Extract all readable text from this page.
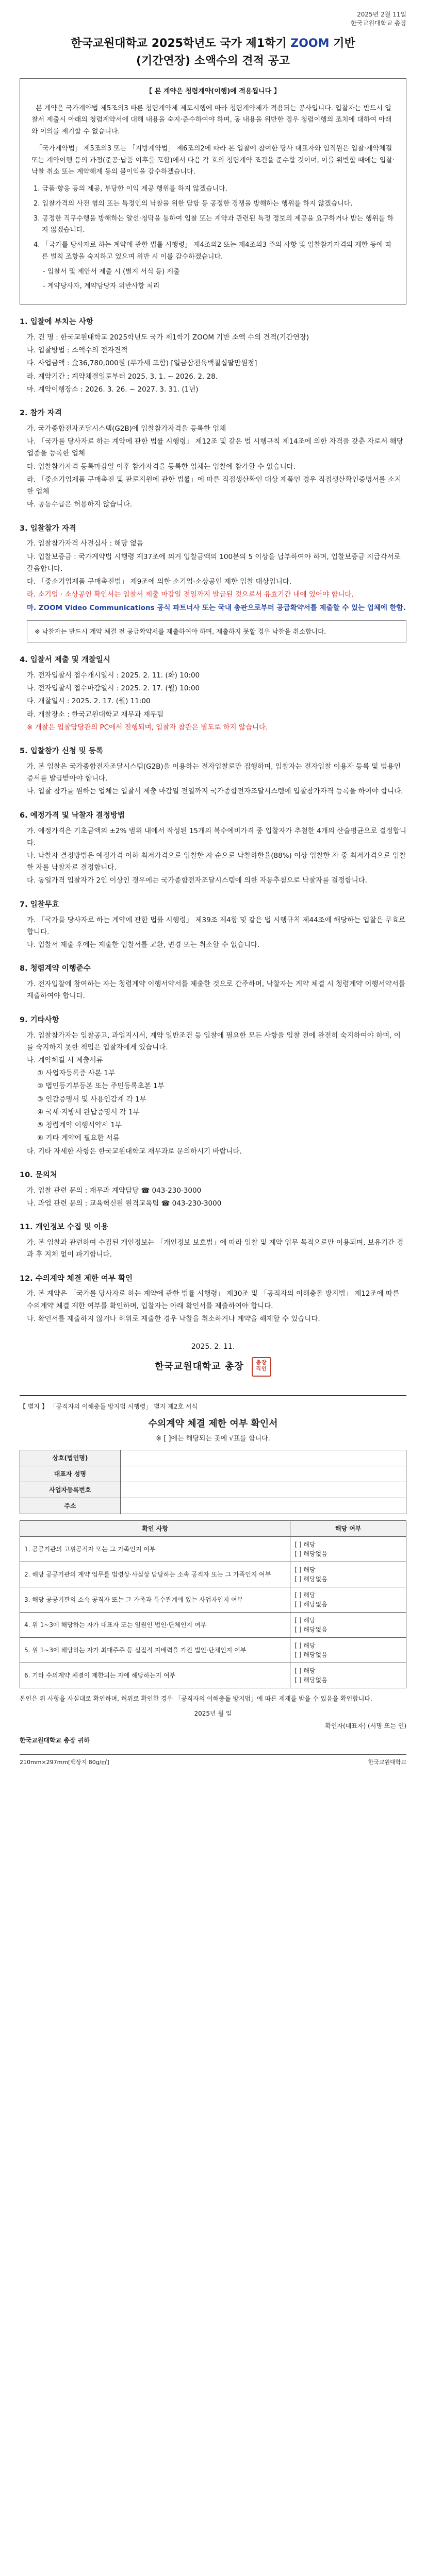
2025년 2월 11일
한국교원대학교 총장
한국교원대학교 2025학년도 국가 제1학기 ZOOM 기반
(기간연장) 소액수의 견적 공고
【 본 계약은 청렴계약(이행)에 적용됩니다 】

본 계약은 국가계약법 제5조의3 따른 청렴계약제 제도시행에 따라 청렴계약제가 적용되는 공사입니다. 입찰자는 반드시 입찰서 제출시 아래의 청렴계약서에 대해 내용을 숙지·준수하여야 하며, 동 내용을 위반한 경우 청렴이행의 조치에 대하여 아래와 이의를 제기할 수 없습니다.

「국가계약법」 제5조의3 또는 「지방계약법」 제6조의2에 따라 본 입찰에 참여한 당사 대표자와 임직원은 입찰·계약체결 또는 계약이행 등의 과정(준공·납품 이후를 포함)에서 다음 각 호의 청렴계약 조건을 준수할 것이며, 이를 위반할 때에는 입찰·낙찰 취소 또는 계약해제 등의 불이익을 감수하겠습니다.

1. 금품·향응 등의 제공, 부당한 이익 제공 행위를 하지 않겠습니다.
2. 입찰가격의 사전 협의 또는 특정인의 낙찰을 위한 담합 등 공정한 경쟁을 방해하는 행위를 하지 않겠습니다.
3. 공정한 직무수행을 방해하는 알선·청탁을 통하여 입찰 또는 계약과 관련된 특정 정보의 제공을 요구하거나 받는 행위를 하지 않겠습니다.
4. 「국가를 당사자로 하는 계약에 관한 법률 시행령」 제4조의2 또는 제4조의3 주의 사항 및 입찰참가자격의 제한 등에 따른 벌칙 조항을 숙지하고 있으며 위반 시 이를 감수하겠습니다.
- 입찰서 및 제안서 제출 시 (별지 서식 등) 제출
- 계약당사자, 계약담당자 위반사항 처리
1. 입찰에 부치는 사항
가. 건 명 : 한국교원대학교 2025학년도 국가 제1학기 ZOOM 기반 소액 수의 견적(기간연장)
나. 입찰방법 : 소액수의 전자견적
다. 사업금액 : 金36,780,000원 (부가세 포함) [일금삼천육백칠십팔만원정]
라. 계약기간 : 계약체결일로부터 2025. 3. 1. ~ 2026. 2. 28.
마. 계약이행장소 : 2026. 3. 26. ~ 2027. 3. 31. (1년)
2. 참가 자격
가. 국가종합전자조달시스템(G2B)에 입찰참가자격을 등록한 업체
나. 「국가를 당사자로 하는 계약에 관한 법률 시행령」 제12조 및 같은 법 시행규칙 제14조에 의한 자격을 갖춘 자로서 해당 업종을 등록한 업체
다. 입찰참가자격 등록마감일 이후 참가자격을 등록한 업체는 입찰에 참가할 수 없습니다.
라. 「중소기업제품 구매촉진 및 판로지원에 관한 법률」에 따른 직접생산확인 대상 제품인 경우 직접생산확인증명서를 소지한 업체
마. 공동수급은 허용하지 않습니다.
3. 입찰참가 자격
가. 입찰참가자격 사전심사 : 해당 없음
나. 입찰보증금 : 국가계약법 시행령 제37조에 의거 입찰금액의 100분의 5 이상을 납부하여야 하며, 입찰보증금 지급각서로 갈음합니다.
다. 「중소기업제품 구매촉진법」 제9조에 의한 소기업·소상공인 제한 입찰 대상입니다.
라. 소기업 · 소상공인 확인서는 입찰서 제출 마감일 전일까지 발급된 것으로서 유효기간 내에 있어야 합니다.
마. ZOOM Video Communications 공식 파트너사 또는 국내 총판으로부터 공급확약서를 제출할 수 있는 업체에 한함.
※ 낙찰자는 반드시 계약 체결 전 공급확약서를 제출하여야 하며, 제출하지 못할 경우 낙찰을 취소합니다.
4. 입찰서 제출 및 개찰일시
가. 전자입찰서 접수개시일시 : 2025. 2. 11. (화) 10:00
나. 전자입찰서 접수마감일시 : 2025. 2. 17. (월) 10:00
다. 개찰일시 : 2025. 2. 17. (월) 11:00
라. 개찰장소 : 한국교원대학교 재무과 재무팀
※ 개찰은 입찰담당관의 PC에서 진행되며, 입찰자 참관은 별도로 하지 않습니다.
5. 입찰참가 신청 및 등록
가. 본 입찰은 국가종합전자조달시스템(G2B)을 이용하는 전자입찰로만 집행하며, 입찰자는 전자입찰 이용자 등록 및 범용인증서를 발급받아야 합니다.
나. 입찰 참가를 원하는 업체는 입찰서 제출 마감일 전일까지 국가종합전자조달시스템에 입찰참가자격 등록을 하여야 합니다.
6. 예정가격 및 낙찰자 결정방법
가. 예정가격은 기초금액의 ±2% 범위 내에서 작성된 15개의 복수예비가격 중 입찰자가 추첨한 4개의 산술평균으로 결정합니다.
나. 낙찰자 결정방법은 예정가격 이하 최저가격으로 입찰한 자 순으로 낙찰하한율(88%) 이상 입찰한 자 중 최저가격으로 입찰한 자를 낙찰자로 결정합니다.
다. 동일가격 입찰자가 2인 이상인 경우에는 국가종합전자조달시스템에 의한 자동추첨으로 낙찰자를 결정합니다.
7. 입찰무효
가. 「국가를 당사자로 하는 계약에 관한 법률 시행령」 제39조 제4항 및 같은 법 시행규칙 제44조에 해당하는 입찰은 무효로 합니다.
나. 입찰서 제출 후에는 제출한 입찰서를 교환, 변경 또는 취소할 수 없습니다.
8. 청렴계약 이행준수
가. 전자입찰에 참여하는 자는 청렴계약 이행서약서를 제출한 것으로 간주하며, 낙찰자는 계약 체결 시 청렴계약 이행서약서를 제출하여야 합니다.
9. 기타사항
가. 입찰참가자는 입찰공고, 과업지시서, 계약 일반조건 등 입찰에 필요한 모든 사항을 입찰 전에 완전히 숙지하여야 하며, 이를 숙지하지 못한 책임은 입찰자에게 있습니다.
나. 계약체결 시 제출서류
① 사업자등록증 사본 1부
② 법인등기부등본 또는 주민등록초본 1부
③ 인감증명서 및 사용인감계 각 1부
④ 국세·지방세 완납증명서 각 1부
⑤ 청렴계약 이행서약서 1부
⑥ 기타 계약에 필요한 서류
다. 기타 자세한 사항은 한국교원대학교 재무과로 문의하시기 바랍니다.
10. 문의처
가. 입찰 관련 문의 : 재무과 계약담당 ☎ 043-230-3000
나. 과업 관련 문의 : 교육혁신원 원격교육팀 ☎ 043-230-3000
11. 개인정보 수집 및 이용
가. 본 입찰과 관련하여 수집된 개인정보는 「개인정보 보호법」에 따라 입찰 및 계약 업무 목적으로만 이용되며, 보유기간 경과 후 지체 없이 파기합니다.
12. 수의계약 체결 제한 여부 확인
가. 본 계약은 「국가를 당사자로 하는 계약에 관한 법률 시행령」 제30조 및 「공직자의 이해충돌 방지법」 제12조에 따른 수의계약 체결 제한 여부를 확인하며, 입찰자는 아래 확인서를 제출하여야 합니다.
나. 확인서를 제출하지 않거나 허위로 제출한 경우 낙찰을 취소하거나 계약을 해제할 수 있습니다.
2025. 2. 11.
한국교원대학교 총장 총장 직인
【 별지 】 「공직자의 이해충돌 방지법 시행령」 별지 제2호 서식
수의계약 체결 제한 여부 확인서
※ [ ]에는 해당되는 곳에 √표를 합니다.
상호(법인명)	
대표자 성명	
사업자등록번호	
주소	
확인 사항	해당 여부
1. 공공기관의 고위공직자 또는 그 가족인지 여부	[ ] 해당
[ ] 해당없음

2. 해당 공공기관의 계약 업무를 법령상·사실상 담당하는 소속 공직자 또는 그 가족인지 여부	[ ] 해당
[ ] 해당없음

3. 해당 공공기관의 소속 공직자 또는 그 가족과 특수관계에 있는 사업자인지 여부	[ ] 해당
[ ] 해당없음

4. 위 1~3에 해당하는 자가 대표자 또는 임원인 법인·단체인지 여부	[ ] 해당
[ ] 해당없음

5. 위 1~3에 해당하는 자가 최대주주 등 실질적 지배력을 가진 법인·단체인지 여부	[ ] 해당
[ ] 해당없음

6. 기타 수의계약 체결이 제한되는 자에 해당하는지 여부	[ ] 해당
[ ] 해당없음
본인은 위 사항을 사실대로 확인하며, 허위로 확인한 경우 「공직자의 이해충돌 방지법」에 따른 제재를 받을 수 있음을 확인합니다.
2025년 월 일
확인자(대표자) (서명 또는 인)
한국교원대학교 총장 귀하
210mm×297mm[백상지 80g/㎡]	한국교원대학교
